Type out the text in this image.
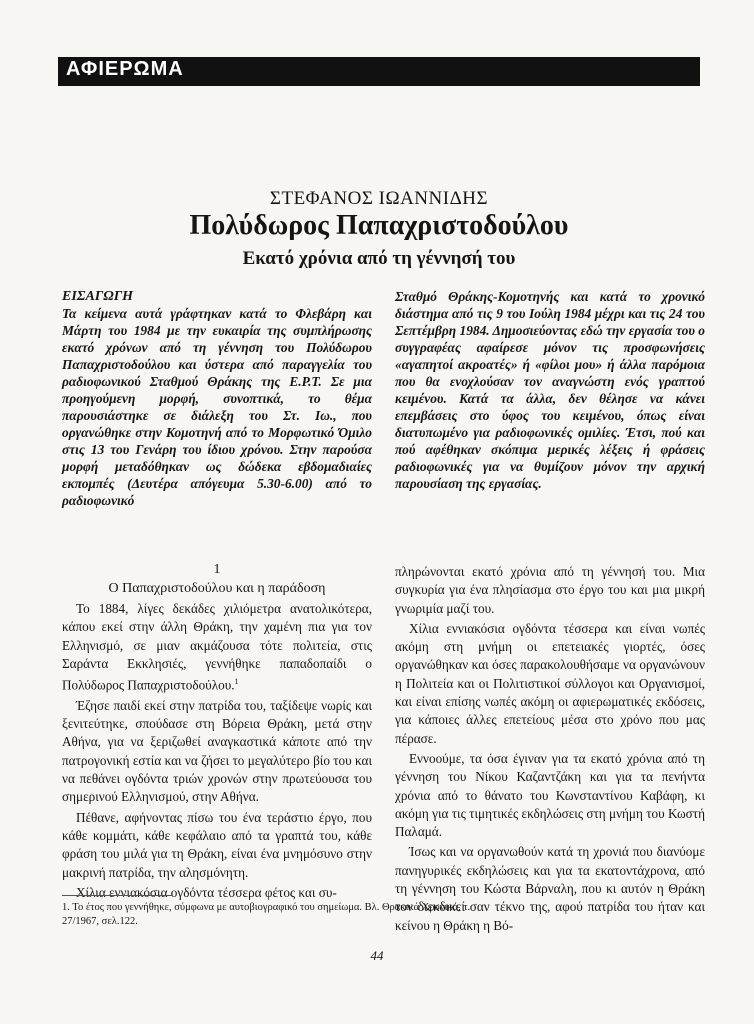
ΑΦΙΕΡΩΜΑ
ΣΤΕΦΑΝΟΣ ΙΩΑΝΝΙΔΗΣ
Πολύδωρος Παπαχριστοδούλου
Εκατό χρόνια από τη γέννησή του
ΕΙΣΑΓΩΓΗ
Τα κείμενα αυτά γράφτηκαν κατά το Φλεβάρη και Μάρτη του 1984 με την ευκαιρία της συμπλήρωσης εκατό χρόνων από τη γέννηση του Πολύδωρου Παπαχριστοδούλου και ύστερα από παραγγελία του ραδιοφωνικού Σταθμού Θράκης της Ε.Ρ.Τ. Σε μια προηγούμενη μορφή, συνοπτικά, το θέμα παρουσιάστηκε σε διάλεξη του Στ. Ιω., που οργανώθηκε στην Κομοτηνή από το Μορφωτικό Όμιλο στις 13 του Γενάρη του ίδιου χρόνου. Στην παρούσα μορφή μεταδόθηκαν ως δώδεκα εβδομαδιαίες εκπομπές (Δευτέρα απόγευμα 5.30-6.00) από το ραδιοφωνικό
Σταθμό Θράκης-Κομοτηνής και κατά το χρονικό διάστημα από τις 9 του Ιούλη 1984 μέχρι και τις 24 του Σεπτέμβρη 1984. Δημοσιεύοντας εδώ την εργασία του ο συγγραφέας αφαίρεσε μόνον τις προσφωνήσεις «αγαπητοί ακροατές» ή «φίλοι μου» ή άλλα παρόμοια που θα ενοχλούσαν τον αναγνώστη ενός γραπτού κειμένου. Κατά τα άλλα, δεν θέλησε να κάνει επεμβάσεις στο ύφος του κειμένου, όπως είναι διατυπωμένο για ραδιοφωνικές ομιλίες. Έτσι, πού και πού αφέθηκαν σκόπιμα μερικές λέξεις ή φράσεις ραδιοφωνικές για να θυμίζουν μόνον την αρχική παρουσίαση της εργασίας.
1
Ο Παπαχριστοδούλου και η παράδοση

Το 1884, λίγες δεκάδες χιλιόμετρα ανατολικότερα, κάπου εκεί στην άλλη Θράκη, την χαμένη πια για τον Ελληνισμό, σε μιαν ακμάζουσα τότε πολιτεία, στις Σαράντα Εκκλησιές, γεννήθηκε παπαδοπαίδι ο Πολύδωρος Παπαχριστοδούλου.$^1$

Έζησε παιδί εκεί στην πατρίδα του, ταξίδεψε νωρίς και ξενιτεύτηκε, σπούδασε στη Βόρεια Θράκη, μετά στην Αθήνα, για να ξεριζωθεί αναγκαστικά κάποτε από την πατρογονική εστία και να ζήσει το μεγαλύτερο βίο του και να πεθάνει ογδόντα τριών χρονών στην πρωτεύουσα του σημερινού Ελληνισμού, στην Αθήνα.

Πέθανε, αφήνοντας πίσω του ένα τεράστιο έργο, που κάθε κομμάτι, κάθε κεφάλαιο από τα γραπτά του, κάθε φράση του μιλά για τη Θράκη, είναι ένα μνημόσυνο στην μακρινή πατρίδα, την αλησμόνητη.

Χίλια εννιακόσια ογδόντα τέσσερα φέτος και συ-

πληρώνονται εκατό χρόνια από τη γέννησή του. Μια συγκυρία για ένα πλησίασμα στο έργο του και μια μικρή γνωριμία μαζί του.

Χίλια εννιακόσια ογδόντα τέσσερα και είναι νωπές ακόμη στη μνήμη οι επετειακές γιορτές, όσες οργανώθηκαν και όσες παρακολουθήσαμε να οργανώνουν η Πολιτεία και οι Πολιτιστικοί σύλλογοι και Οργανισμοί, και είναι επίσης νωπές ακόμη οι αφιερωματικές εκδόσεις, για κάποιες άλλες επετείους μέσα στο χρόνο που μας πέρασε.

Εννοούμε, τα όσα έγιναν για τα εκατό χρόνια από τη γέννηση του Νίκου Καζαντζάκη και για τα πενήντα χρόνια από το θάνατο του Κωνσταντίνου Καβάφη, κι ακόμη για τις τιμητικές εκδηλώσεις στη μνήμη του Κωστή Παλαμά.

Ίσως και να οργανωθούν κατά τη χρονιά που διανύομε πανηγυρικές εκδηλώσεις και για τα εκατοντάχρονα, από τη γέννηση του Κώστα Βάρναλη, που κι αυτόν η Θράκη τον διεκδικεί σαν τέκνο της, αφού πατρίδα του ήταν και κείνου η Θράκη η Βό-

1. Το έτος που γεννήθηκε, σύμφωνα με αυτοβιογραφικό του σημείωμα. Βλ. Θρακικά Χρονικά, τ. 27/1967, σελ.122.
44
